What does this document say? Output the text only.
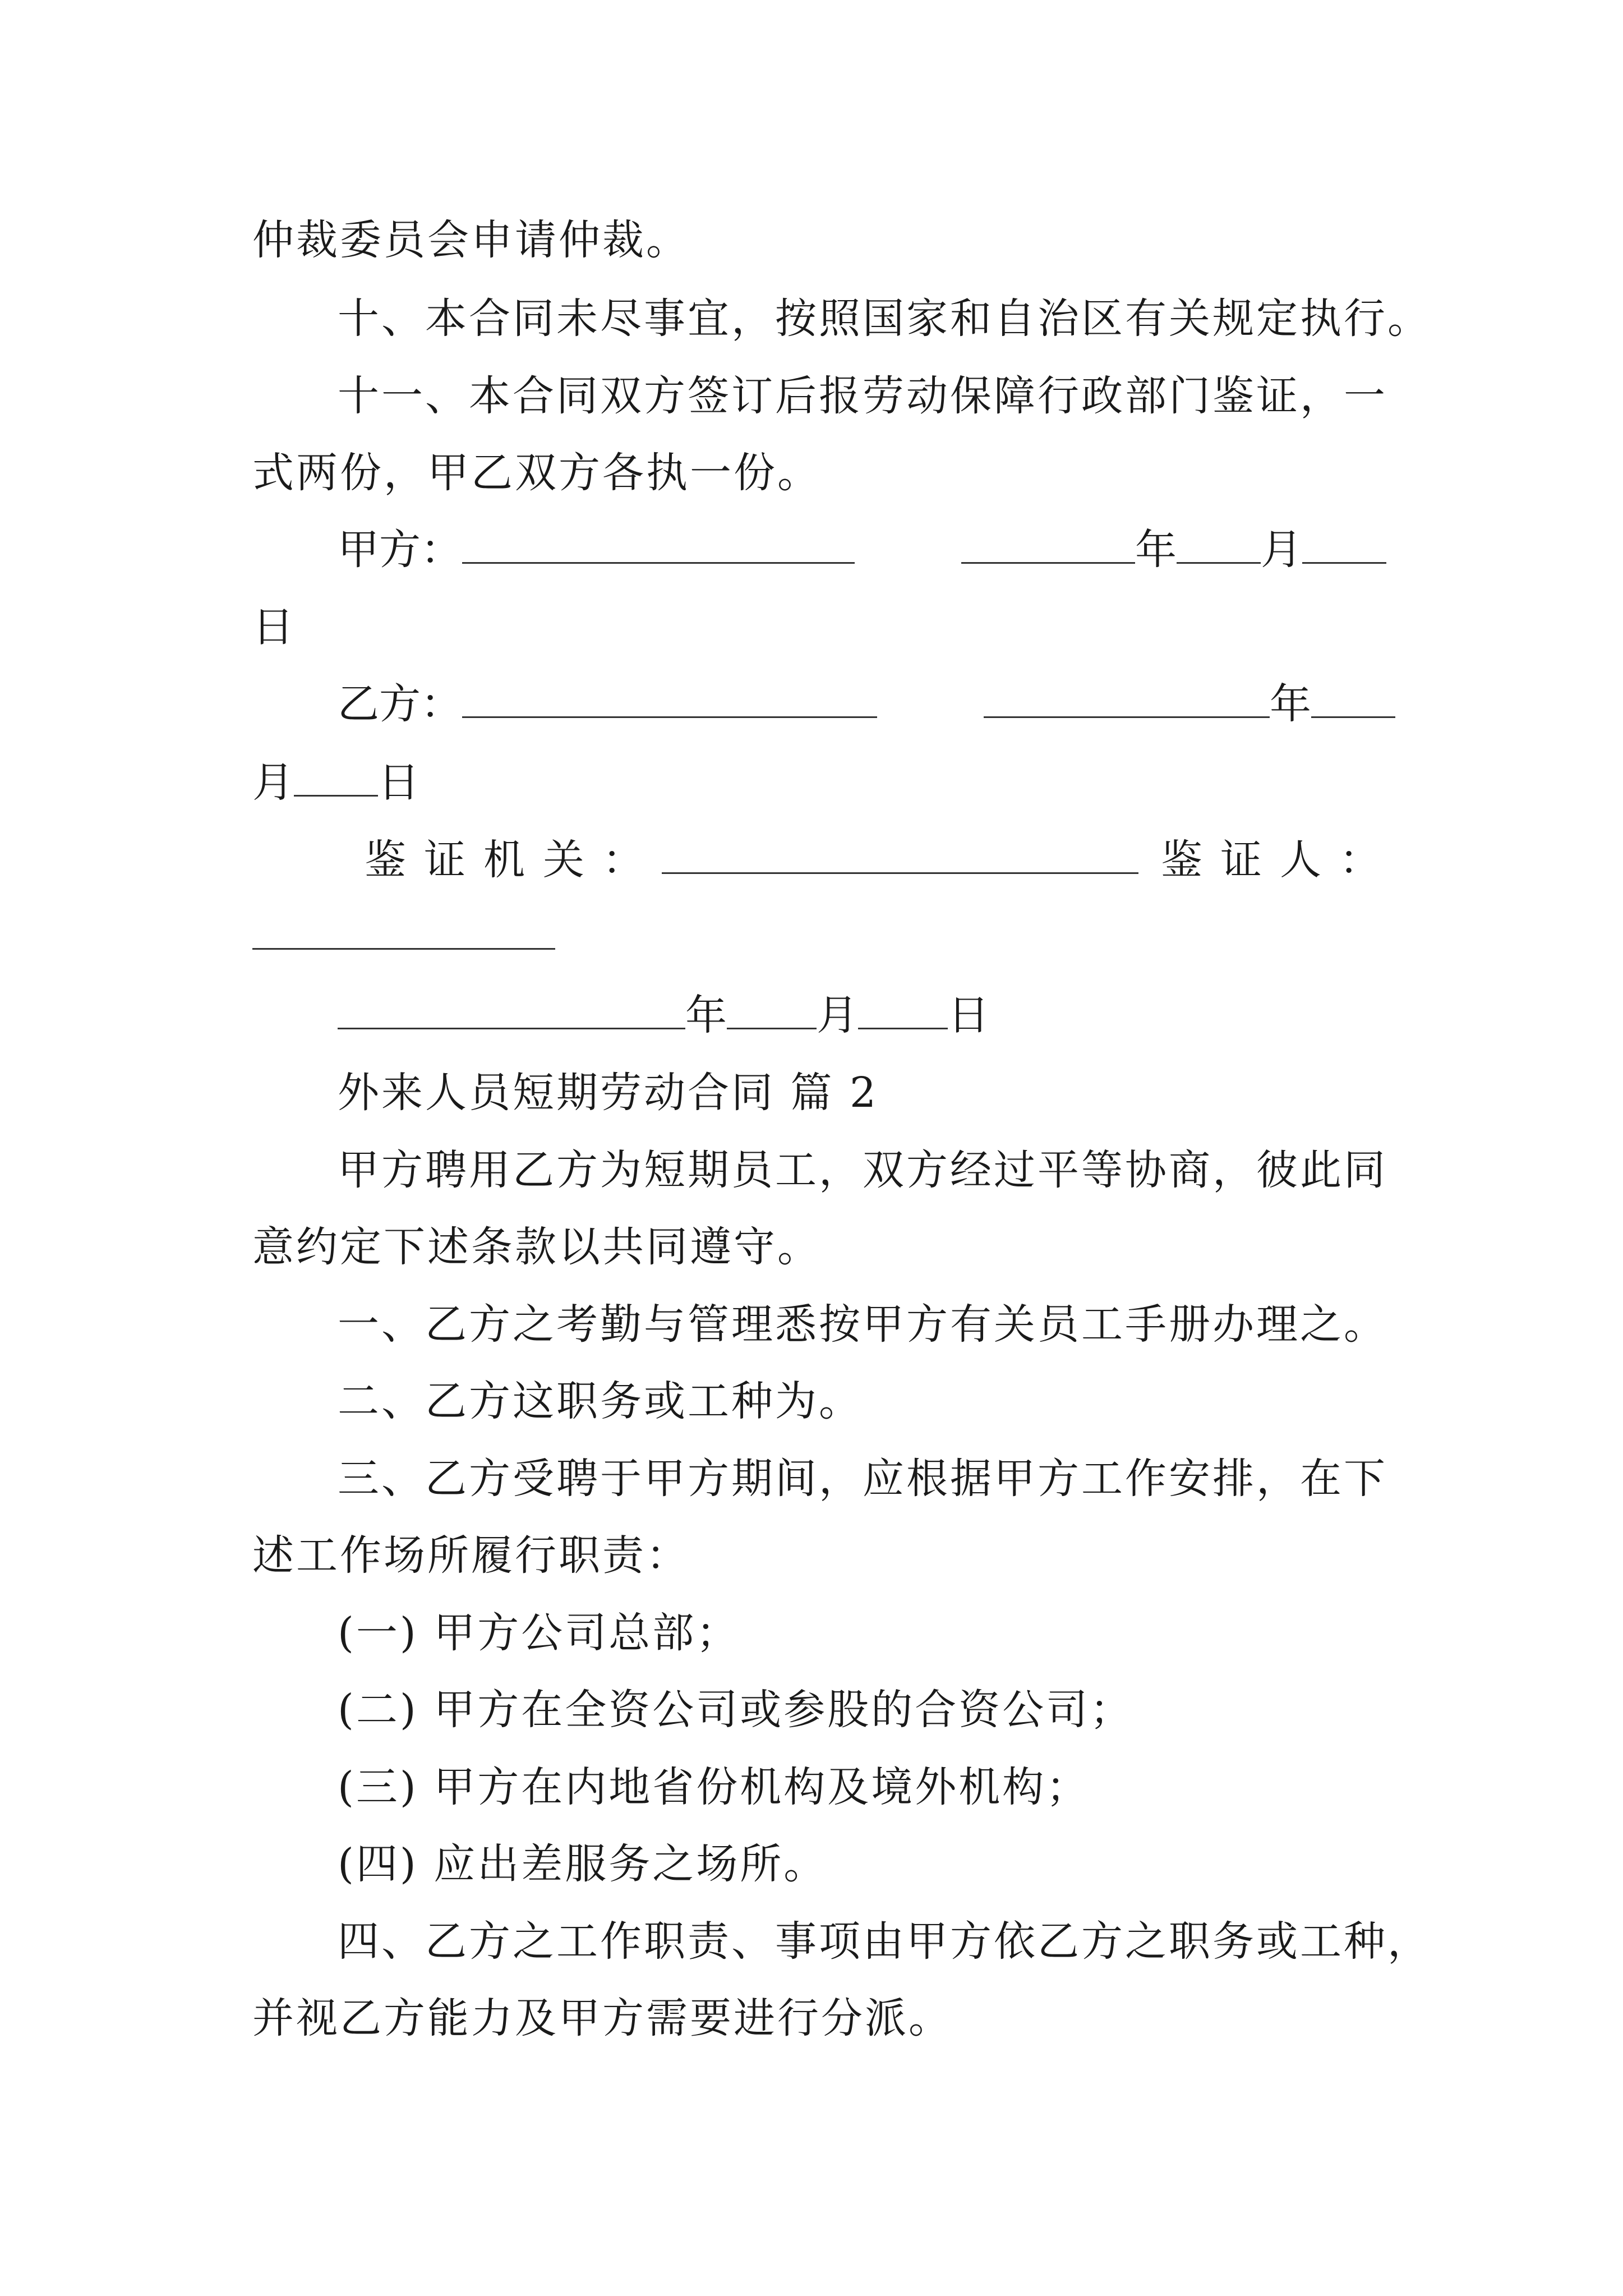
仲裁委员会申请仲裁。
十、本合同未尽事宜，按照国家和自治区有关规定执行。
十一、本合同双方签订后报劳动保障行政部门鉴证，一
式两份，甲乙双方各执一份。
甲方：	年 月
日
乙方：	年
月 日
鉴证机关：	鉴证人：
年 月 日
外来人员短期劳动合同 篇 2
甲方聘用乙方为短期员工，双方经过平等协商，彼此同
意约定下述条款以共同遵守。
一、乙方之考勤与管理悉按甲方有关员工手册办理之。
二、乙方这职务或工种为。
三、乙方受聘于甲方期间，应根据甲方工作安排，在下
述工作场所履行职责：
(一) 甲方公司总部；
(二) 甲方在全资公司或参股的合资公司；
(三) 甲方在内地省份机构及境外机构；
(四) 应出差服务之场所。
四、乙方之工作职责、事项由甲方依乙方之职务或工种，
并视乙方能力及甲方需要进行分派。
